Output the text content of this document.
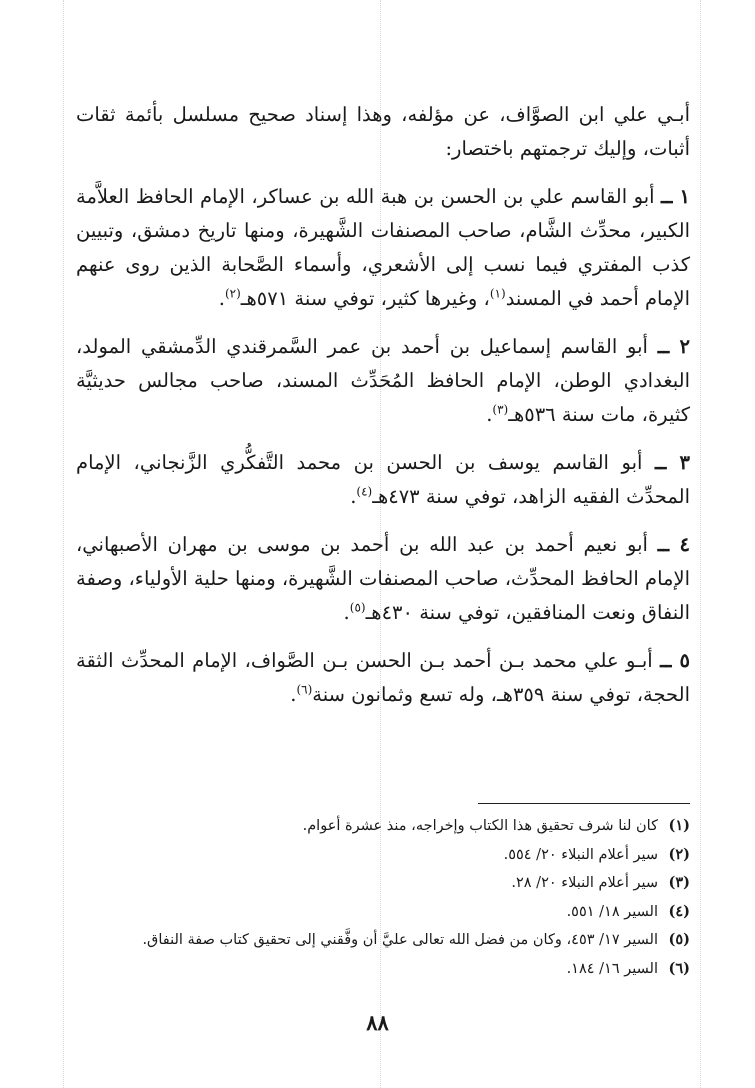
أبـي علي ابن الصوَّاف، عن مؤلفه، وهذا إسناد صحيح مسلسل بأئمة ثقات أثبات، وإليك ترجمتهم باختصار:

١ ــ أبو القاسم علي بن الحسن بن هبة الله بن عساكر، الإمام الحافظ العلاَّمة الكبير، محدِّث الشَّام، صاحب المصنفات الشَّهيرة، ومنها تاريخ دمشق، وتبيين كذب المفتري فيما نسب إلى الأشعري، وأسماء الصَّحابة الذين روى عنهم الإمام أحمد في المسند$^{(١)}$، وغيرها كثير، توفي سنة ٥٧١هـ$^{(٢)}$.

٢ ــ أبو القاسم إسماعيل بن أحمد بن عمر السَّمرقندي الدِّمشقي المولد، البغدادي الوطن، الإمام الحافظ المُحَدِّث المسند، صاحب مجالس حديثيَّة كثيرة، مات سنة ٥٣٦هـ$^{(٣)}$.

٣ ــ أبو القاسم يوسف بن الحسن بن محمد التَّفكُّري الزَّنجاني، الإمام المحدِّث الفقيه الزاهد، توفي سنة ٤٧٣هـ$^{(٤)}$.

٤ ــ أبو نعيم أحمد بن عبد الله بن أحمد بن موسى بن مهران الأصبهاني، الإمام الحافظ المحدِّث، صاحب المصنفات الشَّهيرة، ومنها حلية الأولياء، وصفة النفاق ونعت المنافقين، توفي سنة ٤٣٠هـ$^{(٥)}$.

٥ ــ أبـو علي محمد بـن أحمد بـن الحسن بـن الصَّواف، الإمام المحدِّث الثقة الحجة، توفي سنة ٣٥٩هـ، وله تسع وثمانون سنة$^{(٦)}$.

(١)كان لنا شرف تحقيق هذا الكتاب وإخراجه، منذ عشرة أعوام.
(٢)سير أعلام النبلاء ٢٠/ ٥٥٤.
(٣)سير أعلام النبلاء ٢٠/ ٢٨.
(٤)السير ١٨/ ٥٥١.
(٥)السير ١٧/ ٤٥٣، وكان من فضل الله تعالى عليَّ أن وفَّقني إلى تحقيق كتاب صفة النفاق.
(٦)السير ١٦/ ١٨٤.
٨٨
